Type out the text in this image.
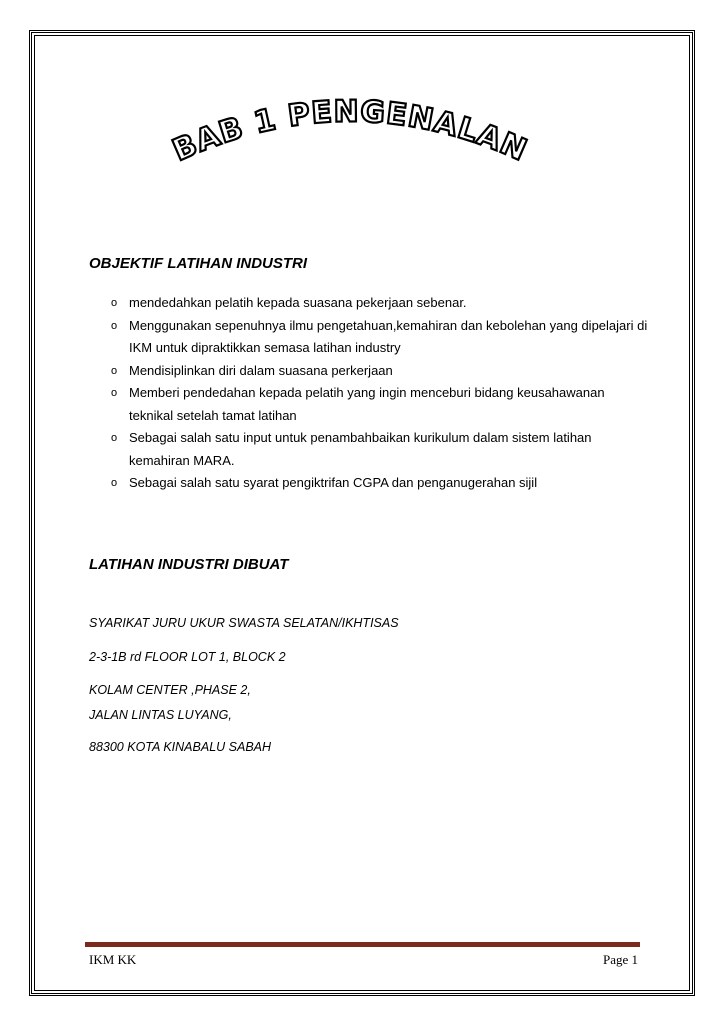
BAB 1 PENGENALAN
OBJEKTIF LATIHAN INDUSTRI
o mendedahkan pelatih kepada suasana pekerjaan sebenar.
o Menggunakan sepenuhnya ilmu pengetahuan,kemahiran dan kebolehan yang dipelajari di IKM untuk dipraktikkan semasa latihan industry
o Mendisiplinkan diri dalam suasana perkerjaan
o Memberi pendedahan kepada pelatih yang ingin menceburi bidang keusahawanan teknikal setelah tamat latihan
o Sebagai salah satu input untuk penambahbaikan kurikulum dalam sistem latihan kemahiran MARA.
o Sebagai salah satu syarat pengiktrifan CGPA dan penganugerahan sijil
LATIHAN INDUSTRI DIBUAT

SYARIKAT JURU UKUR SWASTA SELATAN/IKHTISAS

2-3-1B rd FLOOR LOT 1, BLOCK 2

KOLAM CENTER ,PHASE 2,

JALAN LINTAS LUYANG,

88300 KOTA KINABALU SABAH

IKM KK	Page 1
